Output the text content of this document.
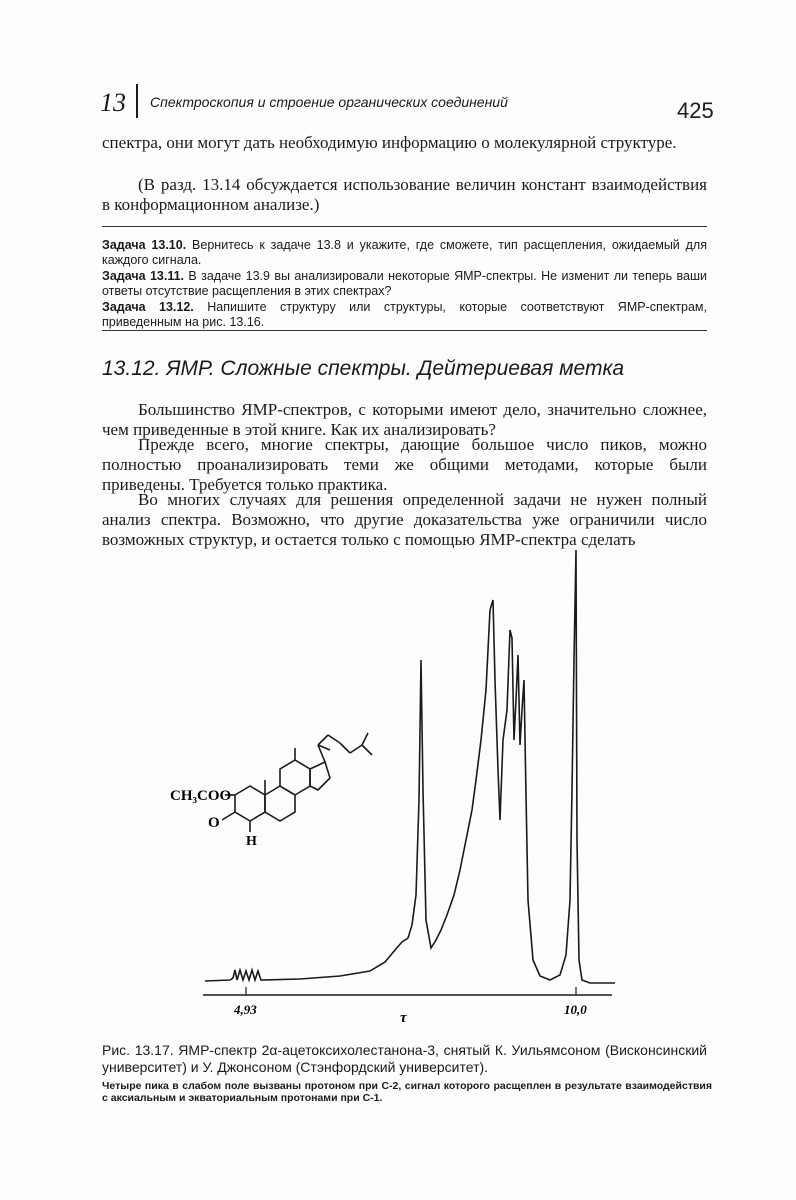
13 Спектроскопия и строение органических соединений	425
спектра, они могут дать необходимую информацию о молекулярной структуре.
(В разд. 13.14 обсуждается использование величин констант взаимодействия в конформационном анализе.)

Задача 13.10. Вернитесь к задаче 13.8 и укажите, где сможете, тип расщепления, ожидаемый для каждого сигнала.

Задача 13.11. В задаче 13.9 вы анализировали некоторые ЯМР-спектры. Не изменит ли теперь ваши ответы отсутствие расщепления в этих спектрах?

Задача 13.12. Напишите структуру или структуры, которые соответствуют ЯМР-спектрам, приведенным на рис. 13.16.

13.12. ЯМР. Сложные спектры. Дейтериевая метка
Большинство ЯМР-спектров, с которыми имеют дело, значительно сложнее, чем приведенные в этой книге. Как их анализировать?
Прежде всего, многие спектры, дающие большое число пиков, можно полностью проанализировать теми же общими методами, которые были приведены. Требуется только практика.
Во многих случаях для решения определенной задачи не нужен полный анализ спектра. Возможно, что другие доказательства уже ограничили число возможных структур, и остается только с помощью ЯМР-спектра сделать
CH₃COO
O
H
4,93
τ
10,0
Рис. 13.17. ЯМР-спектр 2α-ацетоксихолестанона-3, снятый К. Уильямсоном (Висконсинский университет) и У. Джонсоном (Стэнфордский университет).
Четыре пика в слабом поле вызваны протоном при С-2, сигнал которого расщеплен в результате взаимодействия с аксиальным и экваториальным протонами при С-1.
